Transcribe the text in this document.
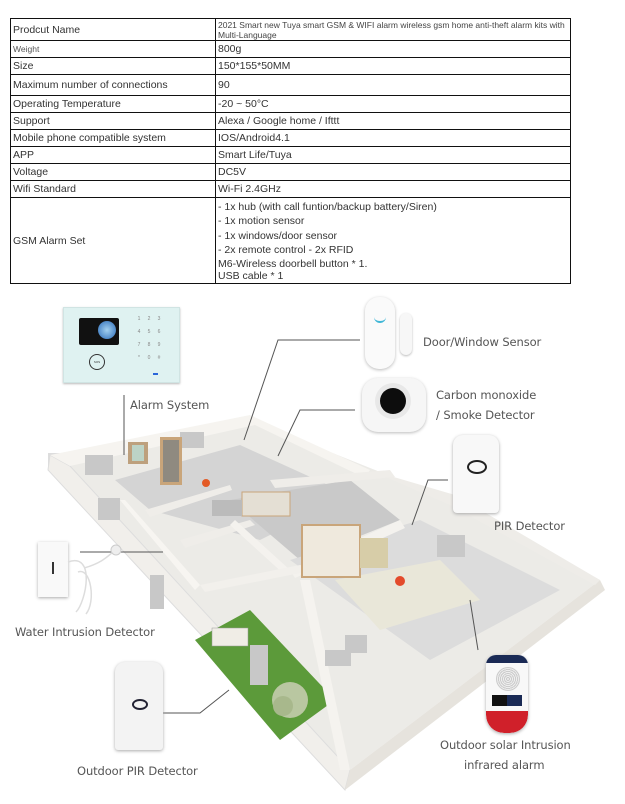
Prodcut Name	2021 Smart new Tuya smart GSM & WIFI alarm wireless gsm home anti-theft alarm kits with Multi-Language
Weight	800g
Size	150*155*50MM
Maximum number of connections	90
Operating Temperature	-20 ~ 50°C
Support	Alexa / Google home / Ifttt
Mobile phone compatible system	IOS/Android4.1
APP	Smart Life/Tuya
Voltage	DC5V
Wifi Standard	Wi-Fi 2.4GHz
GSM Alarm Set	
- 1x hub (with call funtion/backup battery/Siren)
- 1x motion sensor
- 1x windows/door sensor
- 2x remote control - 2x RFID
M6-Wireless doorbell button * 1.
USB cable * 1
SOS
1	2	3
4	5	6
7	8	9
*	0	#
Alarm System
Door/Window Sensor
Carbon monoxide
/ Smoke Detector
PIR Detector
Water Intrusion Detector
Outdoor PIR Detector
Outdoor solar Intrusion
infrared alarm
